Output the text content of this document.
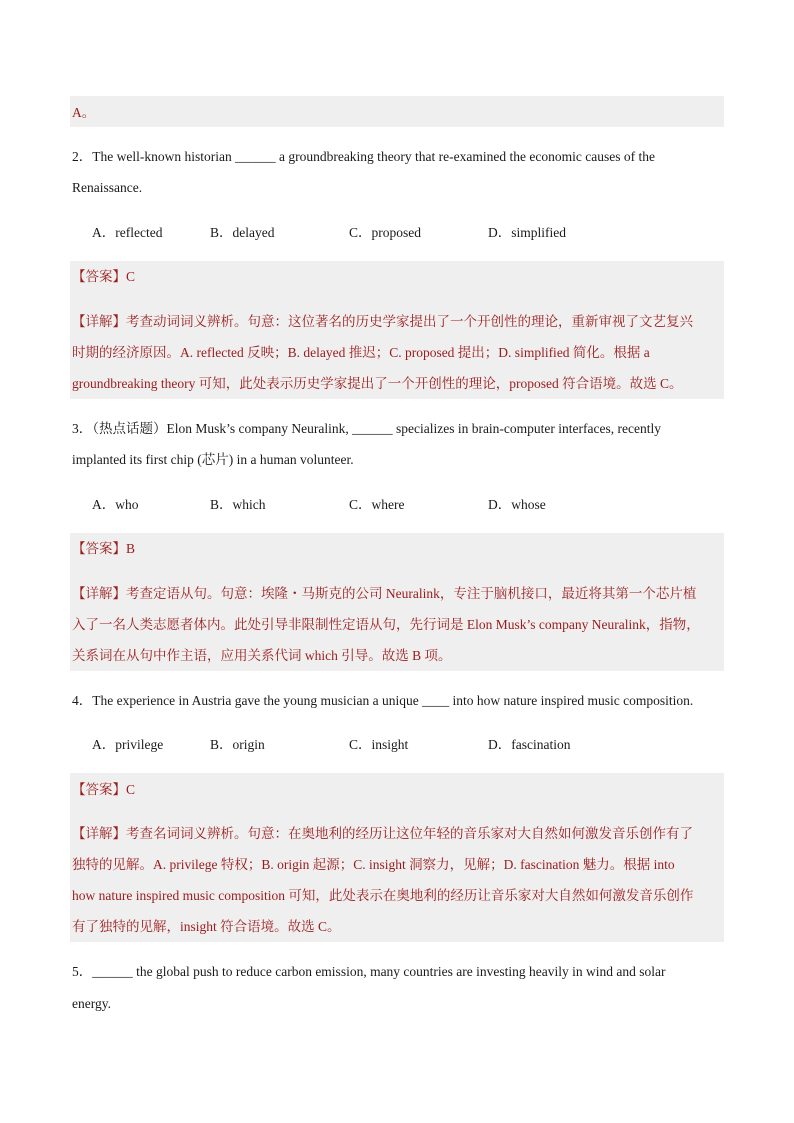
A。
2．The well-known historian ______ a groundbreaking theory that re-examined the economic causes of the
Renaissance.
A．reflected	B．delayed	C．proposed	D．simplified
【答案】C
【详解】考查动词词义辨析。句意：这位著名的历史学家提出了一个开创性的理论，重新审视了文艺复兴
时期的经济原因。A. reflected 反映；B. delayed 推迟；C. proposed 提出；D. simplified 简化。根据 a
groundbreaking theory 可知，此处表示历史学家提出了一个开创性的理论，proposed 符合语境。故选 C。
3．（热点话题）Elon Musk’s company Neuralink, ______ specializes in brain-computer interfaces, recently
implanted its first chip (芯片) in a human volunteer.
A．who	B．which	C．where	D．whose
【答案】B
【详解】考查定语从句。句意：埃隆・马斯克的公司 Neuralink，专注于脑机接口，最近将其第一个芯片植
入了一名人类志愿者体内。此处引导非限制性定语从句，先行词是 Elon Musk’s company Neuralink，指物，
关系词在从句中作主语，应用关系代词 which 引导。故选 B 项。
4．The experience in Austria gave the young musician a unique ____ into how nature inspired music composition.
A．privilege	B．origin	C．insight	D．fascination
【答案】C
【详解】考查名词词义辨析。句意：在奥地利的经历让这位年轻的音乐家对大自然如何激发音乐创作有了
独特的见解。A. privilege 特权；B. origin 起源；C. insight 洞察力，见解；D. fascination 魅力。根据 into
how nature inspired music composition 可知，此处表示在奥地利的经历让音乐家对大自然如何激发音乐创作
有了独特的见解，insight 符合语境。故选 C。
5．______ the global push to reduce carbon emission, many countries are investing heavily in wind and solar
energy.
